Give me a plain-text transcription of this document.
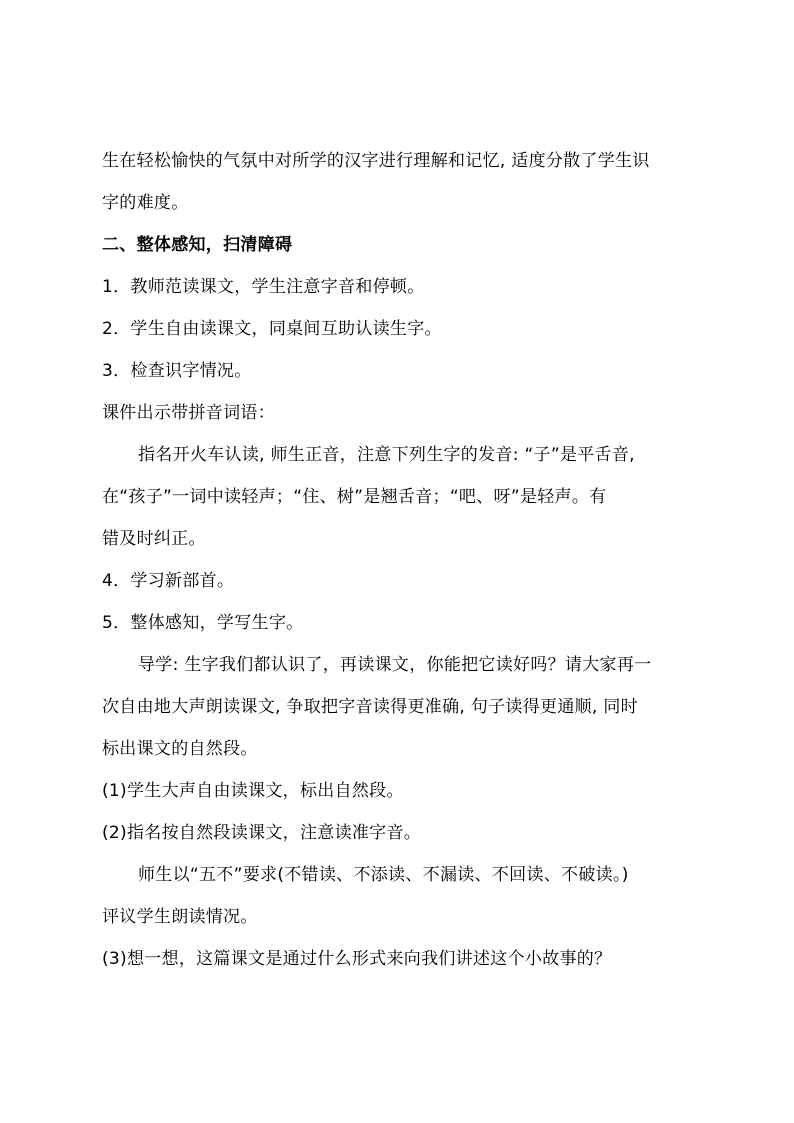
生在轻松愉快的气氛中对所学的汉字进行理解和记忆, 适度分散了学生识
字的难度。
二、整体感知，扫清障碍
1．教师范读课文，学生注意字音和停顿。
2．学生自由读课文，同桌间互助认读生字。
3．检查识字情况。
课件出示带拼音词语：
指名开火车认读, 师生正音，注意下列生字的发音: “子”是平舌音,
在“孩子”一词中读轻声；“住、树”是翘舌音；“吧、呀”是轻声。有
错及时纠正。
4．学习新部首。
5．整体感知，学写生字。
导学: 生字我们都认识了，再读课文，你能把它读好吗？请大家再一
次自由地大声朗读课文, 争取把字音读得更准确, 句子读得更通顺, 同时
标出课文的自然段。
(1)学生大声自由读课文，标出自然段。
(2)指名按自然段读课文，注意读准字音。
师生以“五不”要求(不错读、不添读、不漏读、不回读、不破读。)
评议学生朗读情况。
(3)想一想，这篇课文是通过什么形式来向我们讲述这个小故事的？
